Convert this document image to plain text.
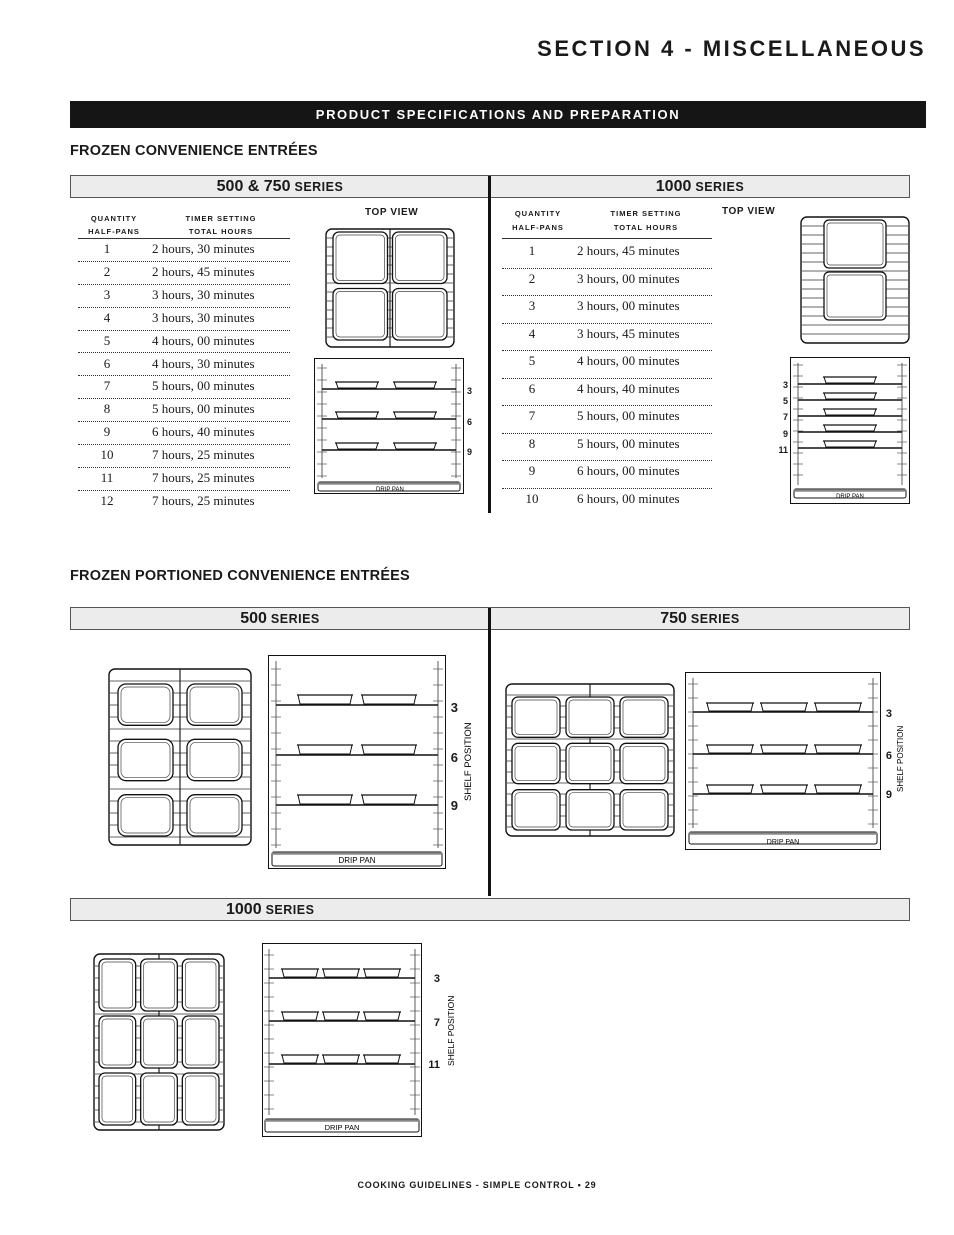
SECTION 4 - MISCELLANEOUS
PRODUCT SPECIFICATIONS AND PREPARATION
FROZEN CONVENIENCE ENTRÉES
500 & 750 SERIES	1000 SERIES
QUANTITY
HALF-PANS
TIMER SETTING
TOTAL HOURS
1	2 hours, 30 minutes
2	2 hours, 45 minutes
3	3 hours, 30 minutes
4	3 hours, 30 minutes
5	4 hours, 00 minutes
6	4 hours, 30 minutes
7	5 hours, 00 minutes
8	5 hours, 00 minutes
9	6 hours, 40 minutes
10	7 hours, 25 minutes
11	7 hours, 25 minutes
12	7 hours, 25 minutes
TOP VIEW	QUANTITY
HALF-PANS
TIMER SETTING
TOTAL HOURS
1	2 hours, 45 minutes
2	3 hours, 00 minutes
3	3 hours, 00 minutes
4	3 hours, 45 minutes
5	4 hours, 00 minutes
6	4 hours, 40 minutes
7	5 hours, 00 minutes
8	5 hours, 00 minutes
9	6 hours, 00 minutes
10	6 hours, 00 minutes
TOP VIEW
DRIP PAN
3
6
9
DRIP PAN
3
5
7
9
11
FROZEN PORTIONED CONVENIENCE ENTRÉES
500 SERIES	750 SERIES
DRIP PAN
3
6
9
SHELF POSITION
DRIP PAN
3
6
9
SHELF POSITION
1000 SERIES
DRIP PAN
3
7
11 SHELF POSITION
COOKING GUIDELINES - SIMPLE CONTROL • 29
